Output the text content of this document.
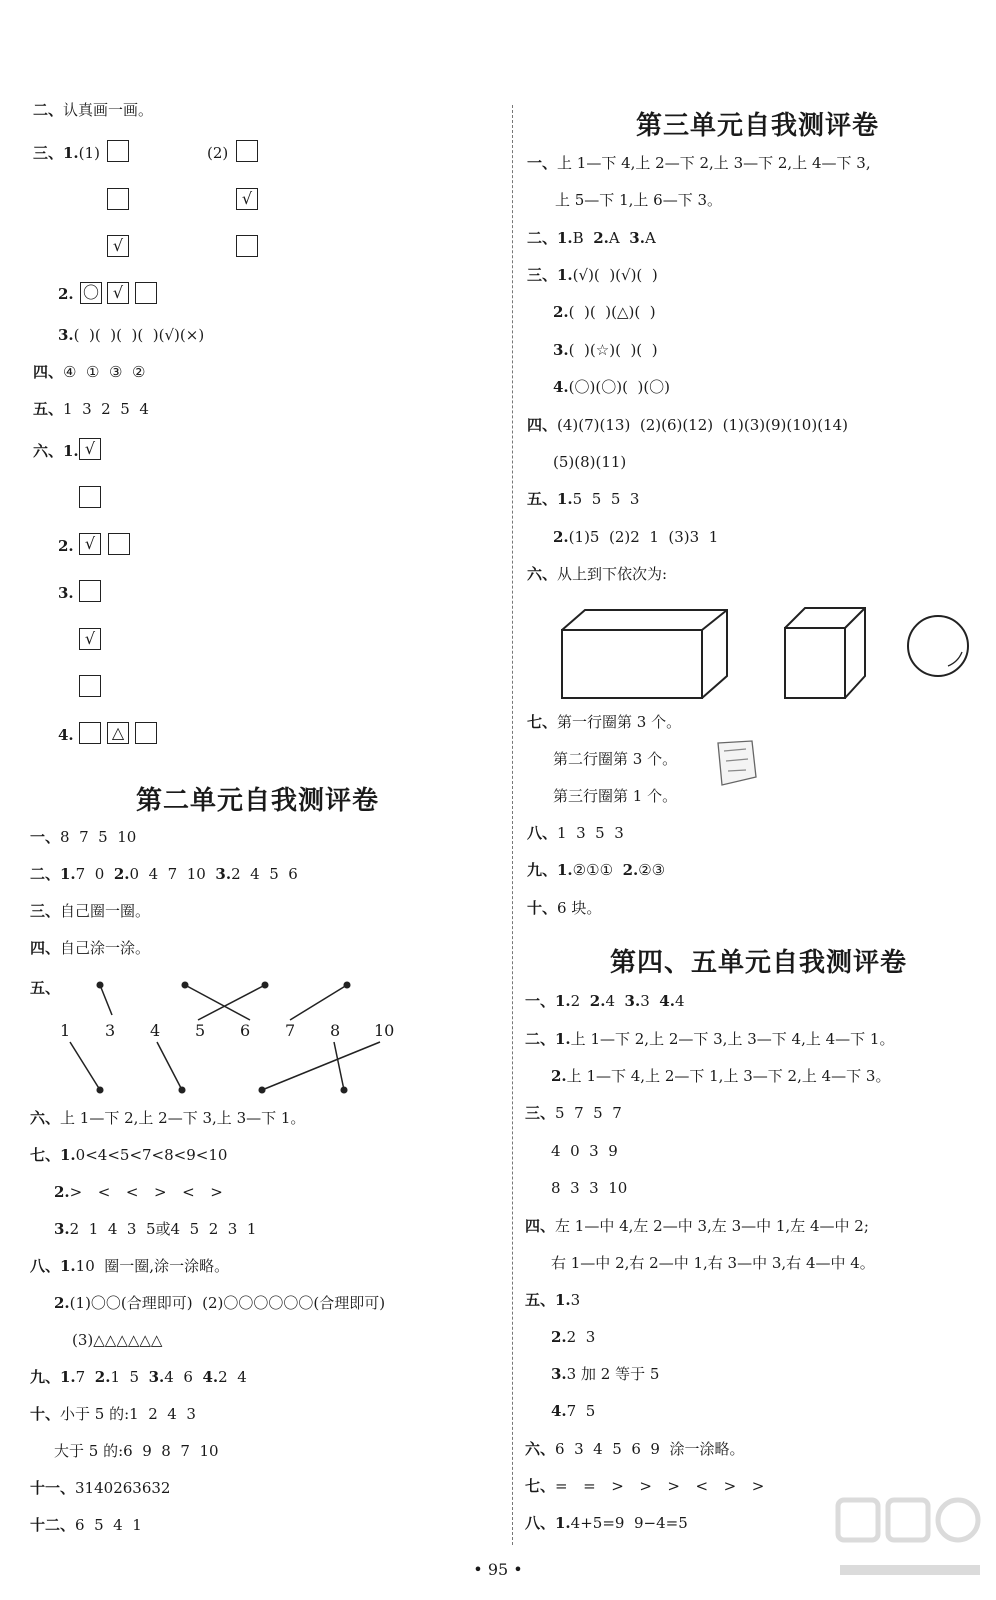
二、认真画一画。
三、1.(1)	(2)
√
√
2. 〇 √
3.(  )(  )(  )(  )(√)(×)
四、④  ①  ③  ②
五、1  3  2  5  4
六、1. √
2. √
3.
√
4.	△
第二单元自我测评卷
一、8  7  5  10
二、1.7  0  2.0  4  7  10  3.2  4  5  6
三、自己圈一圈。
四、自己涂一涂。
五、
1 3 4 5 6 7 8 10
六、上 1—下 2,上 2—下 3,上 3—下 1。
七、1.0<4<5<7<8<9<10
2.>  <  <  >  <  >
3.2  1  4  3  5或4  5  2  3  1
八、1.10  圈一圈,涂一涂略。
2.(1)〇〇(合理即可)  (2)〇〇〇〇〇〇(合理即可)
(3)△△△△△△
九、1.7  2.1  5  3.4  6  4.2  4
十、小于 5 的:1  2  4  3
大于 5 的:6  9  8  7  10
十一、3140263632
十二、6  5  4  1
第三单元自我测评卷
一、上 1—下 4,上 2—下 2,上 3—下 2,上 4—下 3,
上 5—下 1,上 6—下 3。
二、1.B  2.A  3.A
三、1.(√)(  )(√)(  )
2.(  )(  )(△)(  )
3.(  )(☆)(  )(  )
4.(〇)(〇)(  )(〇)
四、(4)(7)(13)  (2)(6)(12)  (1)(3)(9)(10)(14)
(5)(8)(11)
五、1.5  5  5  3
2.(1)5  (2)2  1  (3)3  1
六、从上到下依次为:
七、第一行圈第 3 个。
第二行圈第 3 个。
第三行圈第 1 个。
八、1  3  5  3
九、1.②①①  2.②③
十、6 块。
第四、五单元自我测评卷
一、1.2  2.4  3.3  4.4
二、1.上 1—下 2,上 2—下 3,上 3—下 4,上 4—下 1。
2.上 1—下 4,上 2—下 1,上 3—下 2,上 4—下 3。
三、5  7  5  7
4  0  3  9
8  3  3  10
四、左 1—中 4,左 2—中 3,左 3—中 1,左 4—中 2;
右 1—中 2,右 2—中 1,右 3—中 3,右 4—中 4。
五、1.3
2.2  3
3.3 加 2 等于 5
4.7  5
六、6  3  4  5  6  9  涂一涂略。
七、=  =  >  >  >  <  >  >
八、1.4+5=9  9−4=5
• 95 •
